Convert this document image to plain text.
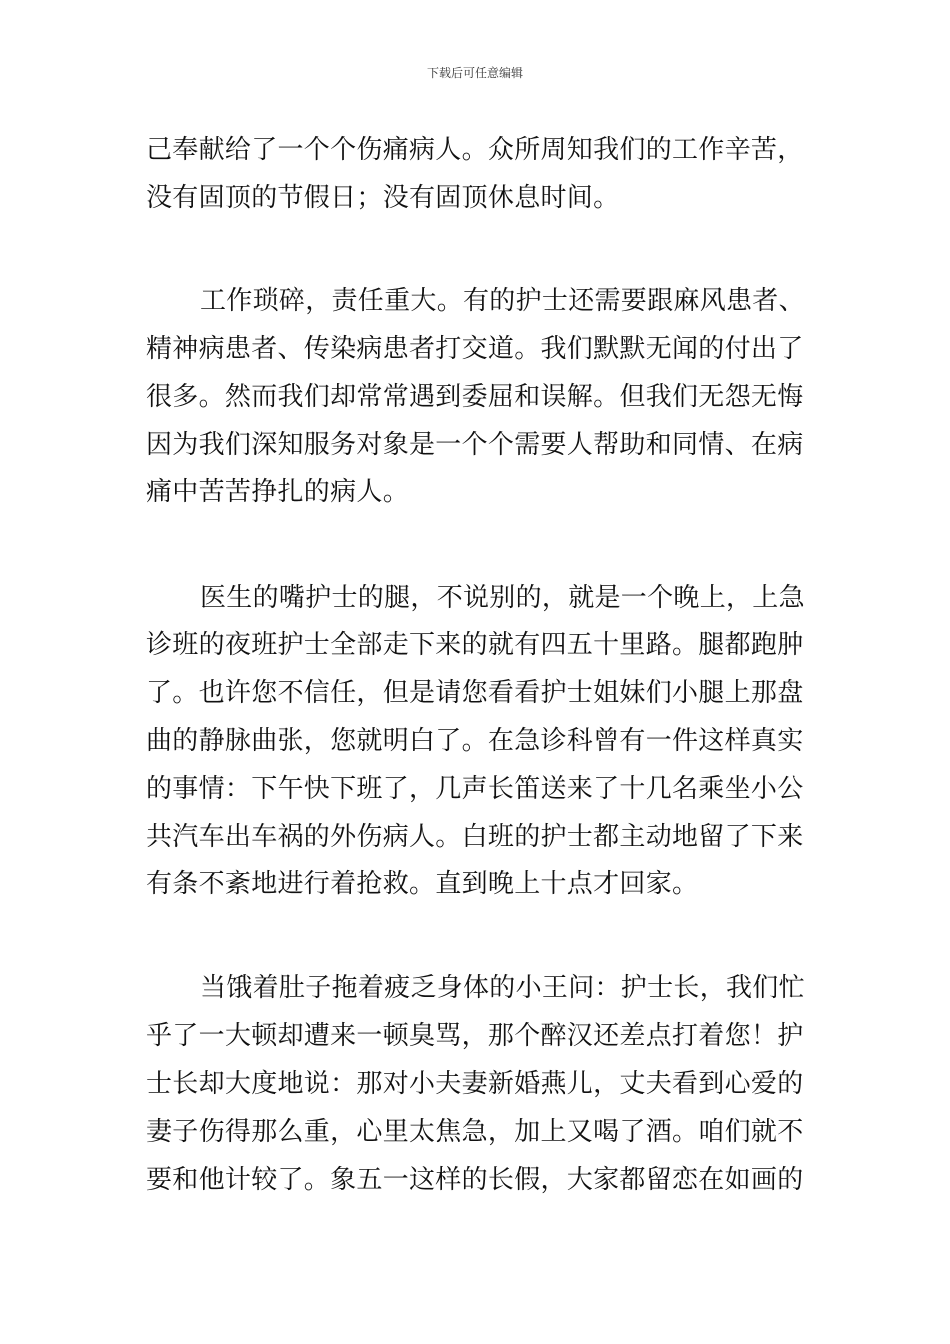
下载后可任意编辑
己奉献给了一个个伤痛病人。众所周知我们的工作辛苦，
没有固顶的节假日；没有固顶休息时间。
工作琐碎，责任重大。有的护士还需要跟麻风患者、
精神病患者、传染病患者打交道。我们默默无闻的付出了
很多。然而我们却常常遇到委屈和误解。但我们无怨无悔
因为我们深知服务对象是一个个需要人帮助和同情、在病
痛中苦苦挣扎的病人。
医生的嘴护士的腿，不说别的，就是一个晚上，上急
诊班的夜班护士全部走下来的就有四五十里路。腿都跑肿
了。也许您不信任，但是请您看看护士姐妹们小腿上那盘
曲的静脉曲张，您就明白了。在急诊科曾有一件这样真实
的事情：下午快下班了，几声长笛送来了十几名乘坐小公
共汽车出车祸的外伤病人。白班的护士都主动地留了下来
有条不紊地进行着抢救。直到晚上十点才回家。
当饿着肚子拖着疲乏身体的小王问：护士长，我们忙
乎了一大顿却遭来一顿臭骂，那个醉汉还差点打着您！护
士长却大度地说：那对小夫妻新婚燕儿，丈夫看到心爱的
妻子伤得那么重，心里太焦急，加上又喝了酒。咱们就不
要和他计较了。象五一这样的长假，大家都留恋在如画的
